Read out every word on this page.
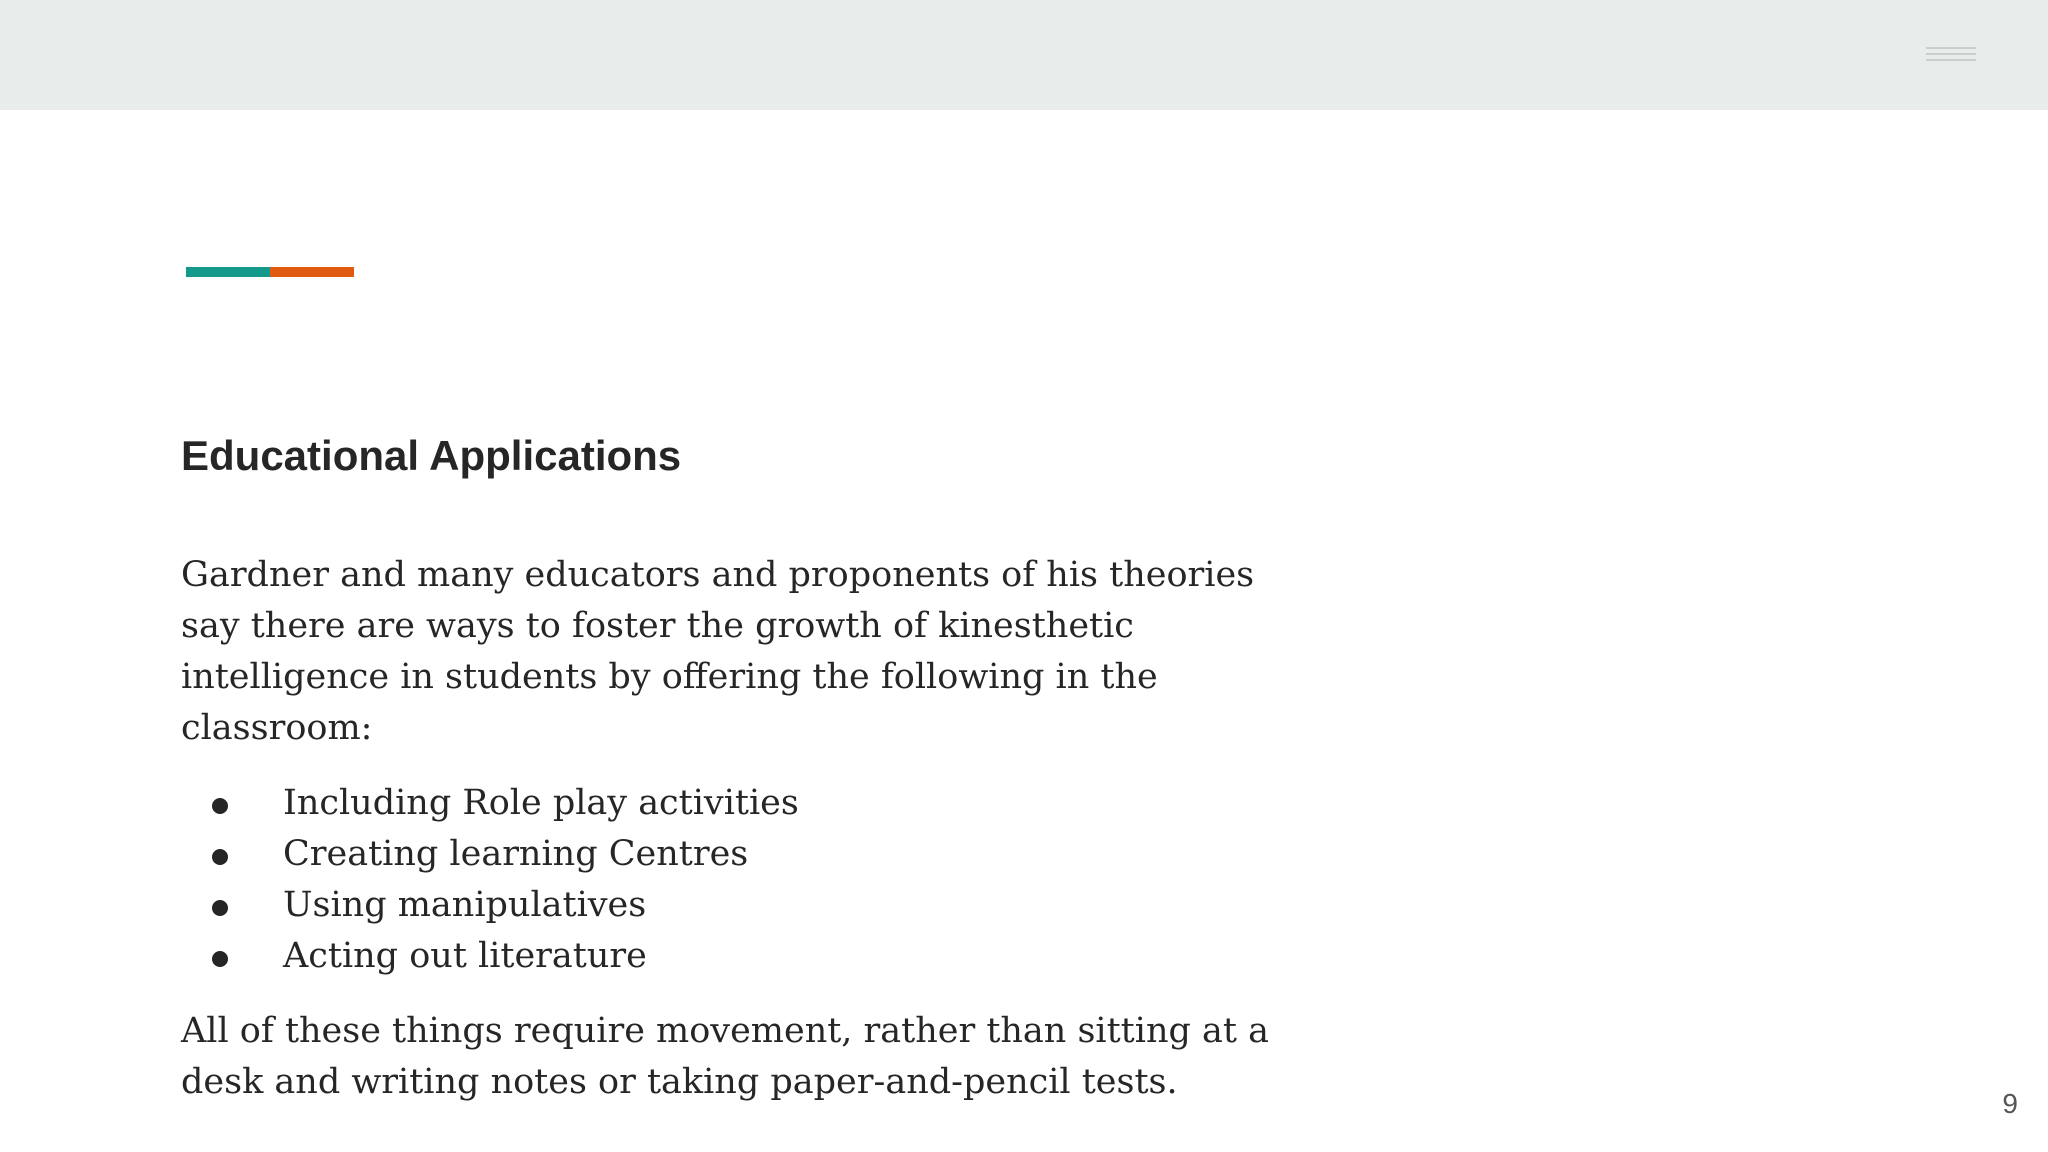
Educational Applications

Gardner and many educators and proponents of his theories say there are ways to foster the growth of kinesthetic intelligence in students by offering the following in the classroom:

Including Role play activities
Creating learning Centres
Using manipulatives
Acting out literature

All of these things require movement, rather than sitting at a desk and writing notes or taking paper-and-pencil tests.

9
